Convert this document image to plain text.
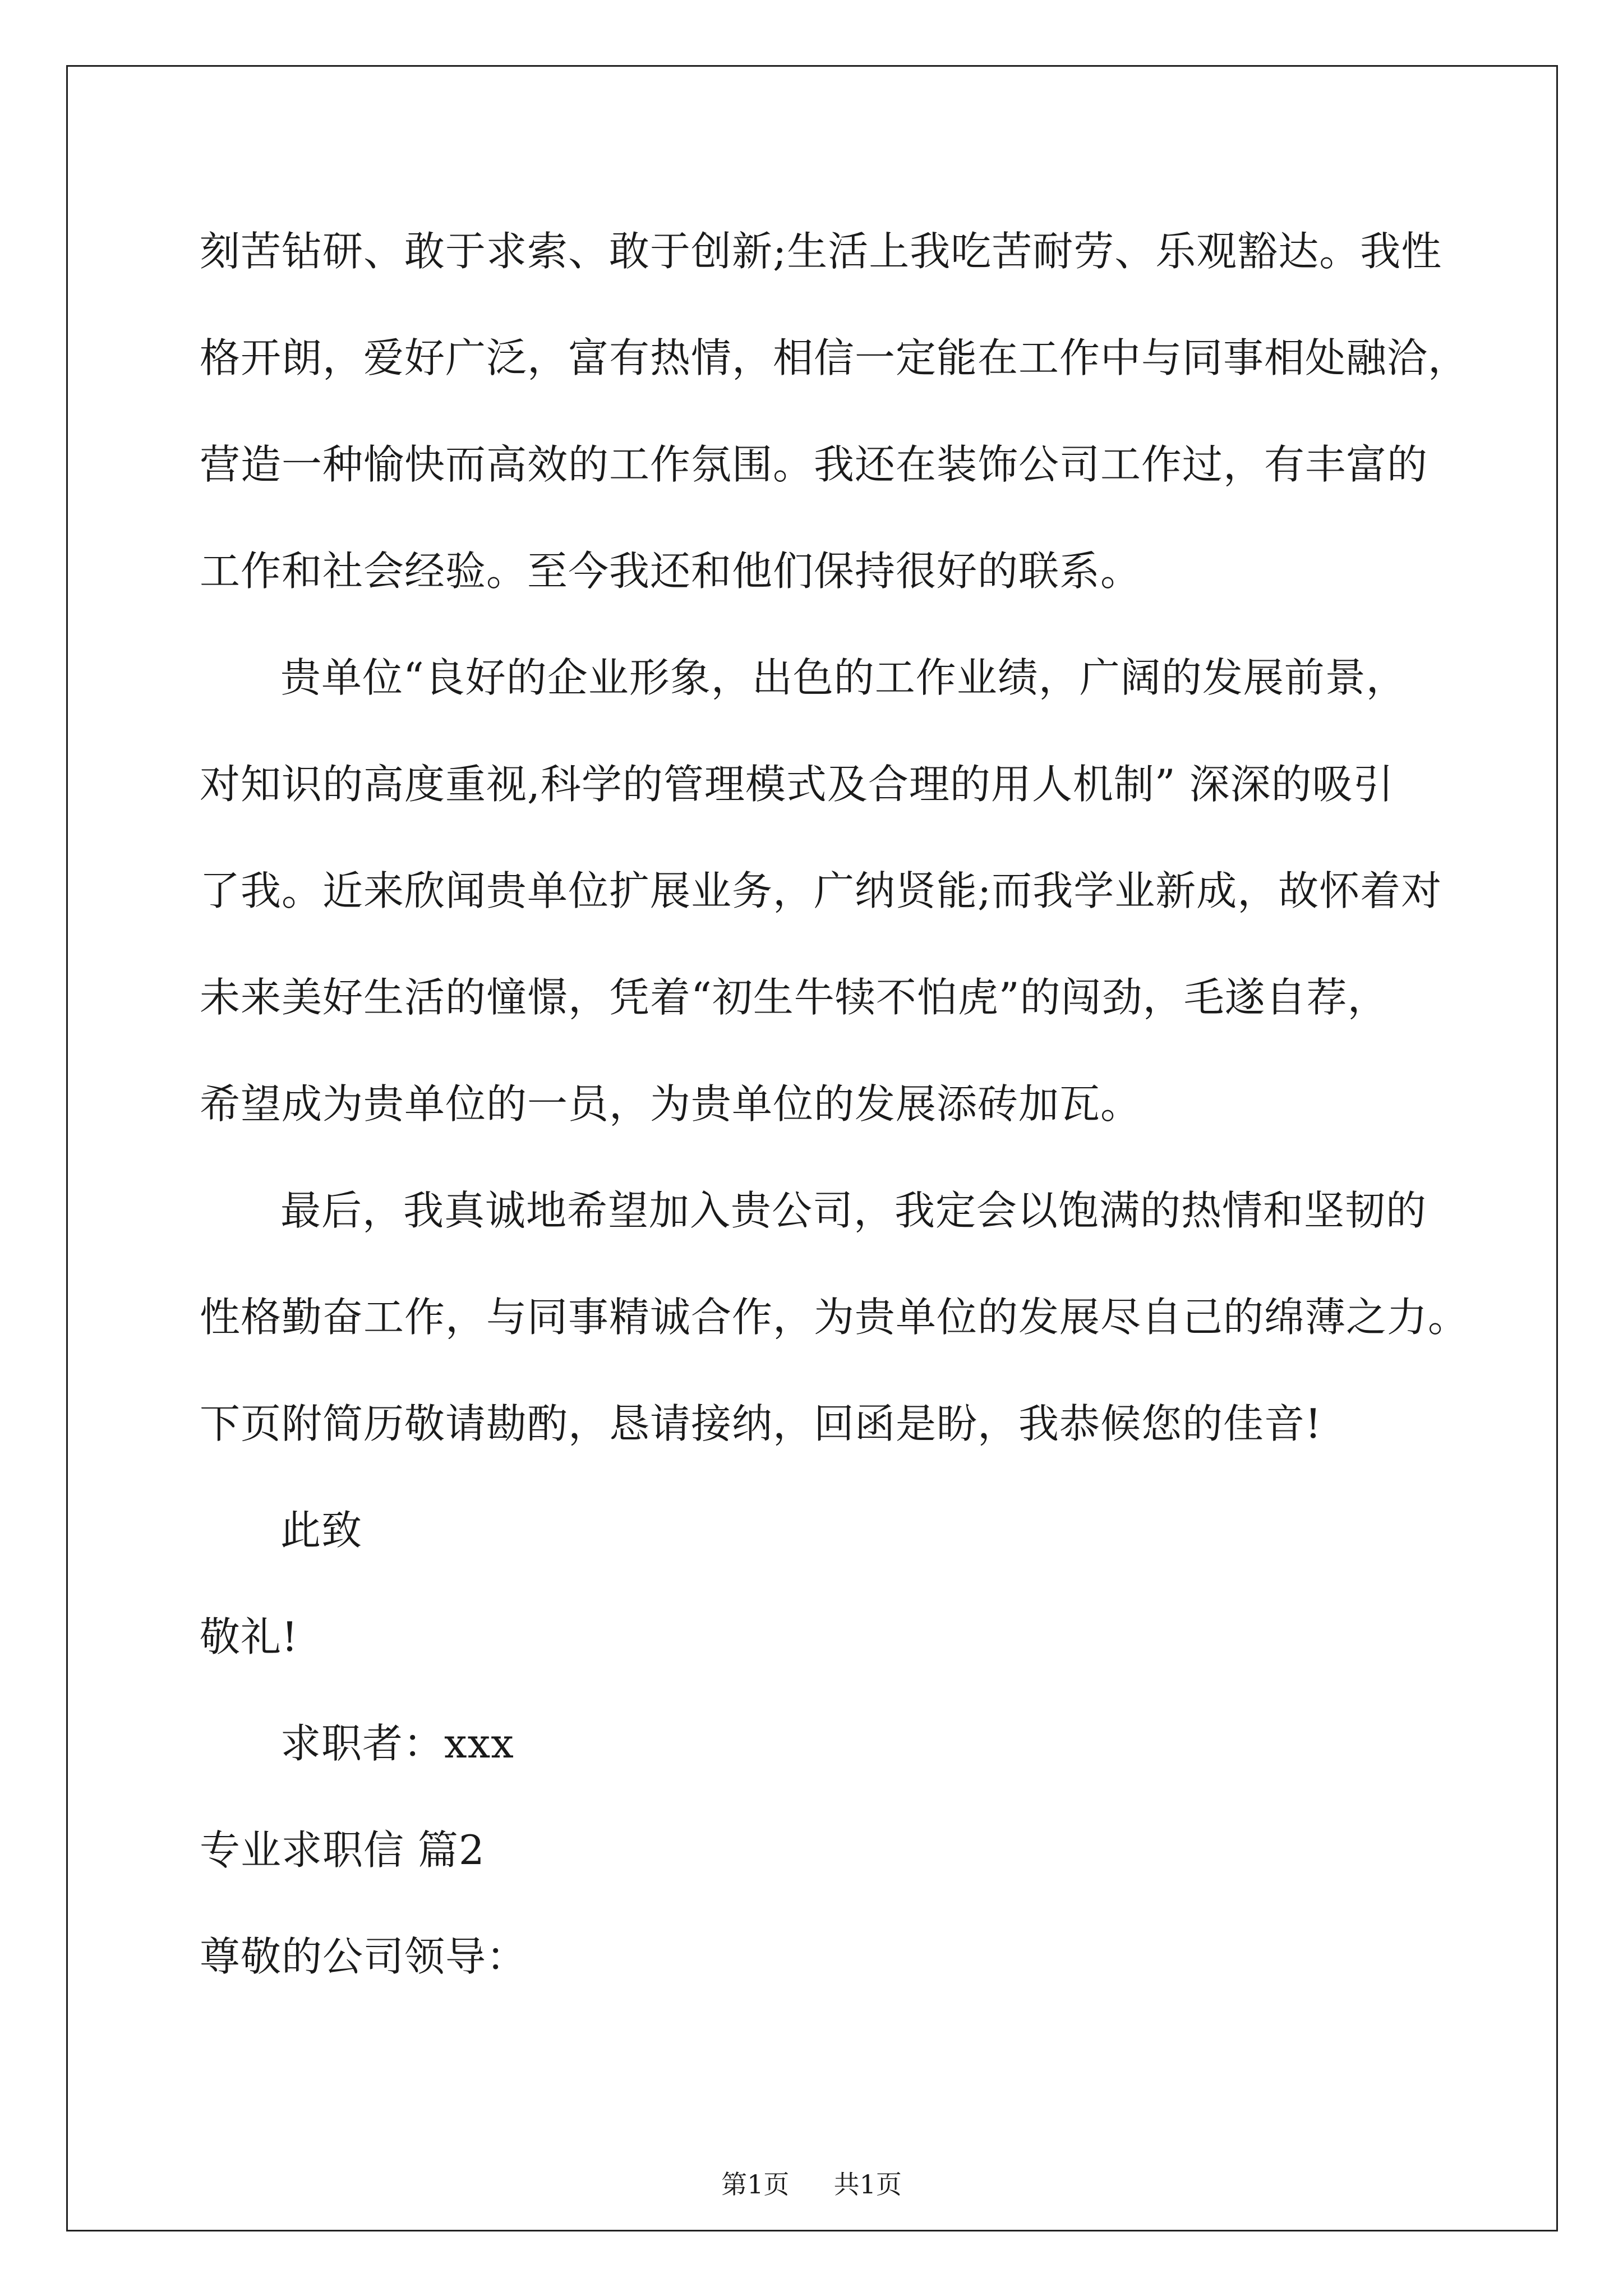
刻苦钻研、敢于求索、敢于创新;生活上我吃苦耐劳、乐观豁达。我性
格开朗，爱好广泛，富有热情，相信一定能在工作中与同事相处融洽，
营造一种愉快而高效的工作氛围。我还在装饰公司工作过，有丰富的
工作和社会经验。至今我还和他们保持很好的联系。
贵单位“良好的企业形象，出色的工作业绩，广阔的发展前景，
对知识的高度重视,科学的管理模式及合理的用人机制” 深深的吸引
了我。近来欣闻贵单位扩展业务，广纳贤能;而我学业新成，故怀着对
未来美好生活的憧憬，凭着“初生牛犊不怕虎”的闯劲，毛遂自荐，
希望成为贵单位的一员，为贵单位的发展添砖加瓦。
最后，我真诚地希望加入贵公司，我定会以饱满的热情和坚韧的
性格勤奋工作，与同事精诚合作，为贵单位的发展尽自己的绵薄之力。
下页附简历敬请勘酌，恳请接纳，回函是盼，我恭候您的佳音!
此致
敬礼!
求职者：xxx
专业求职信 篇2
尊敬的公司领导：
第1页 共1页
